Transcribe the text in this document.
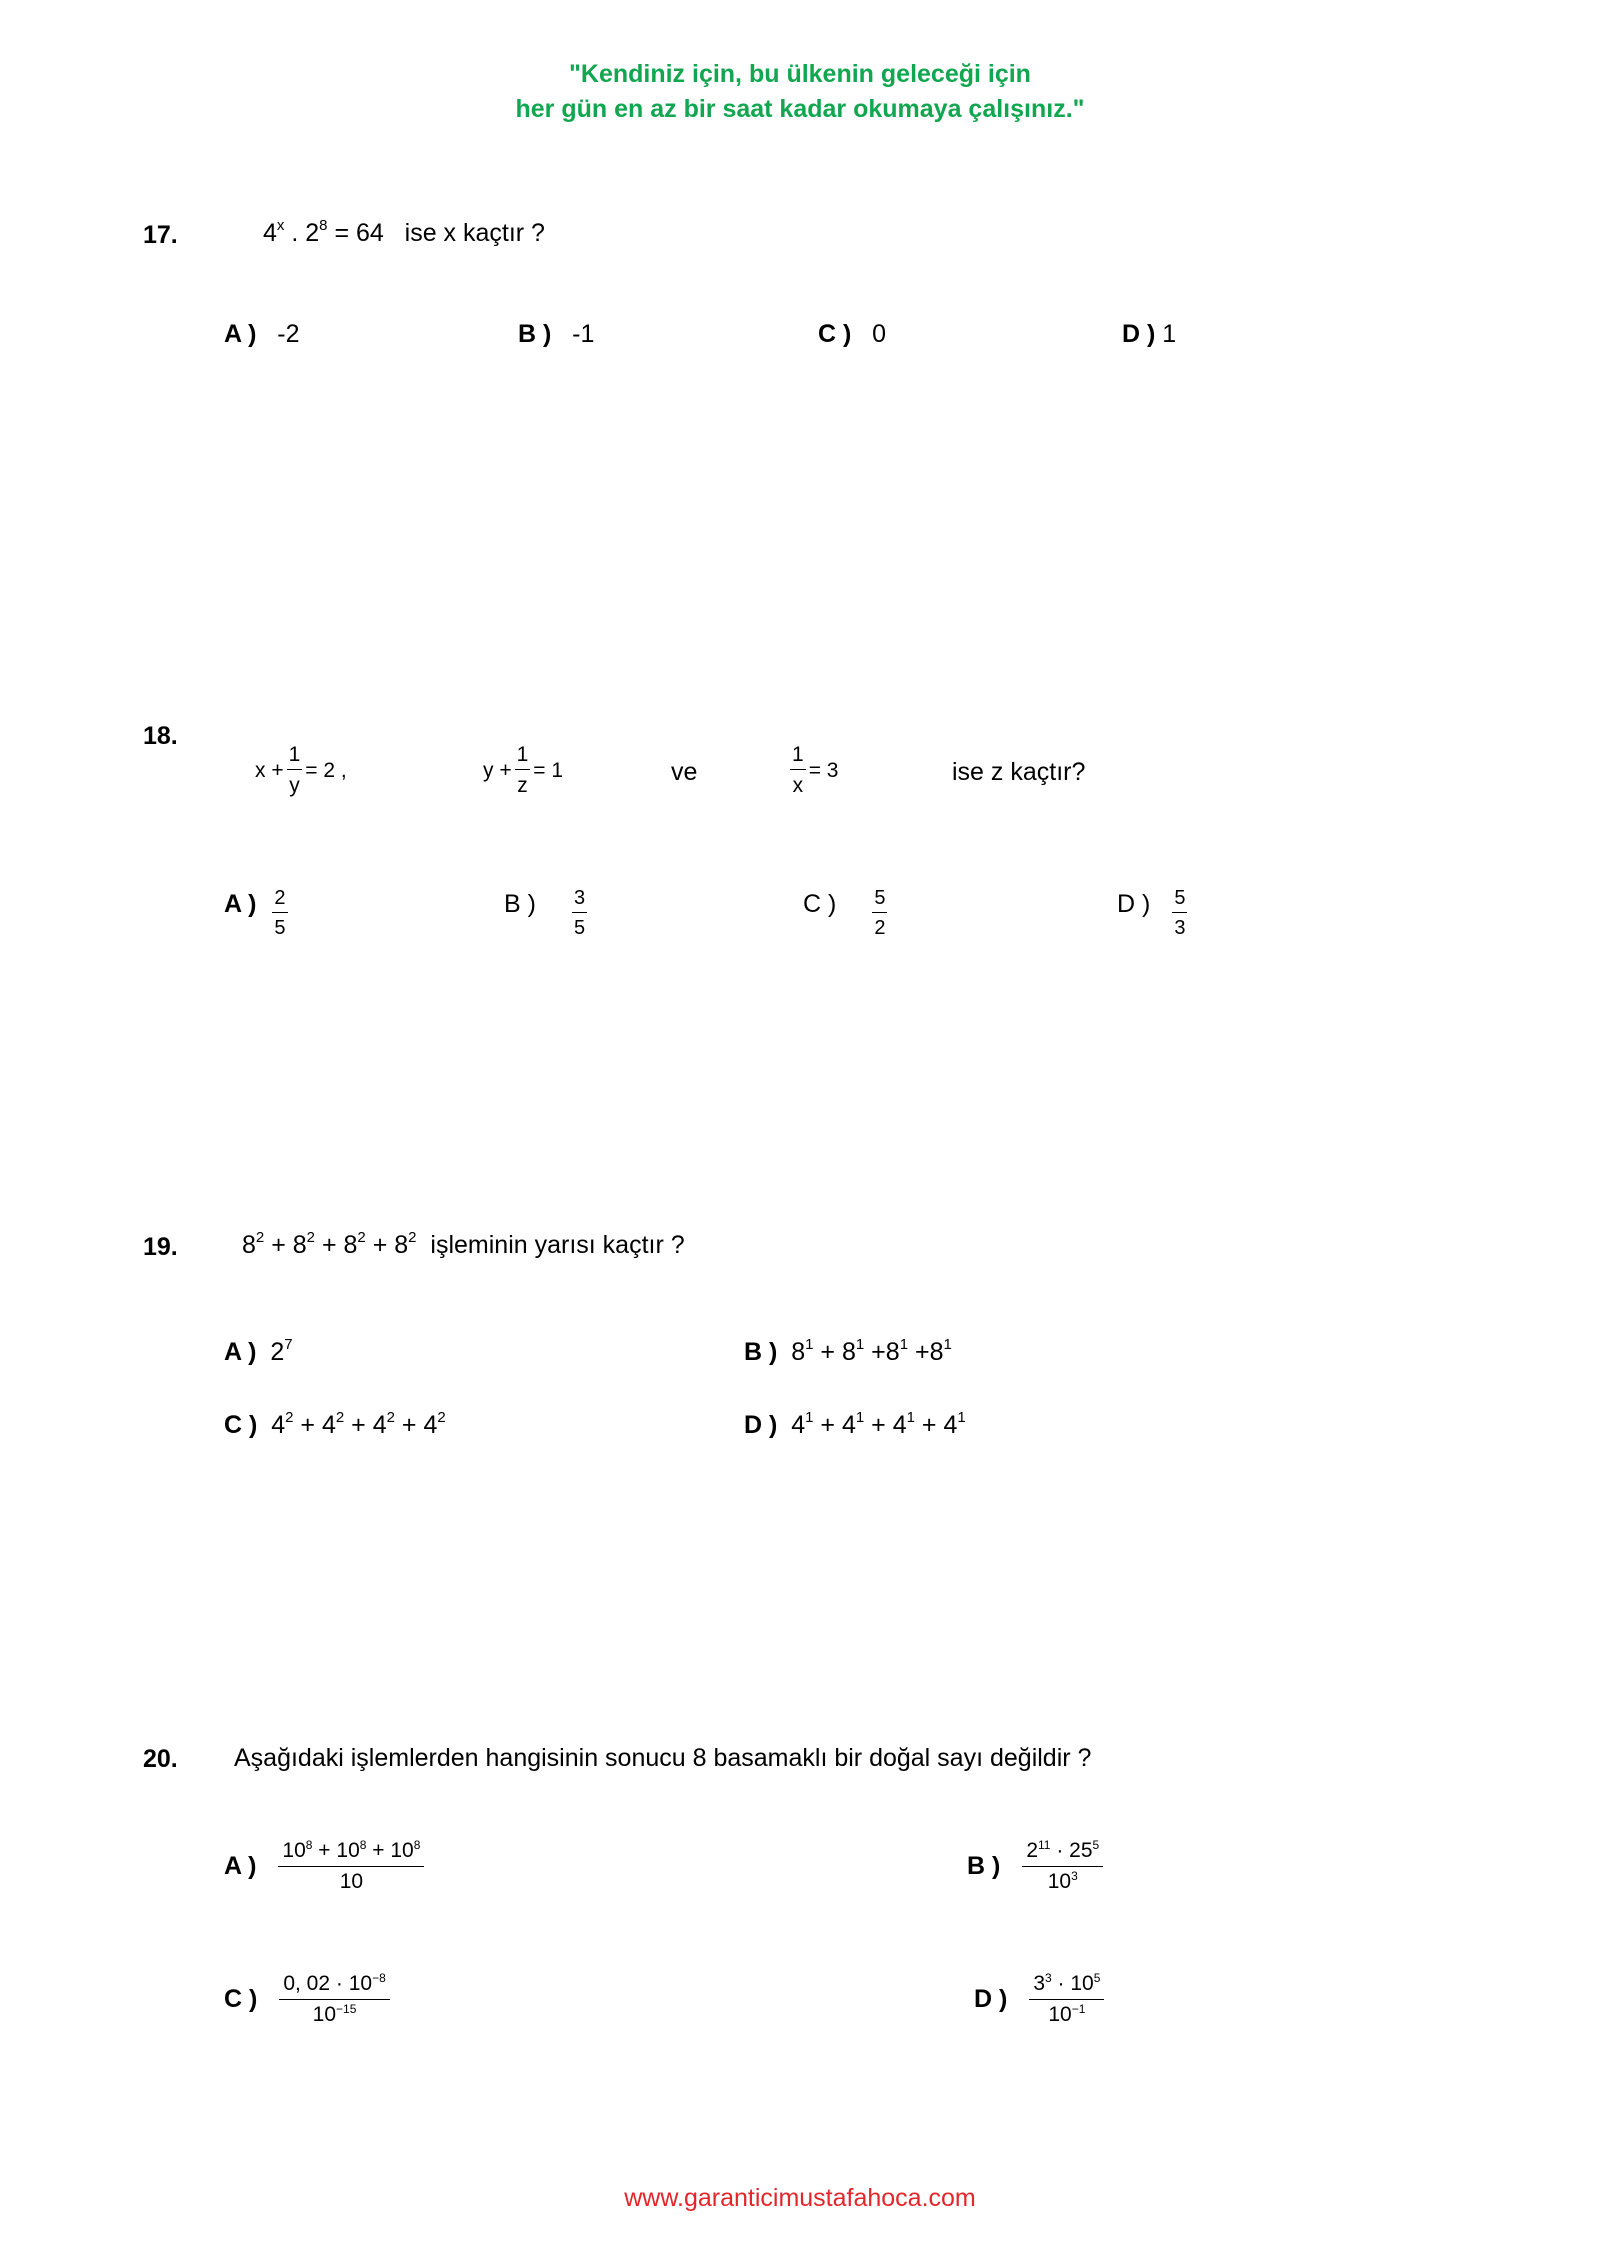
"Kendiniz için, bu ülkenin geleceği için
her gün en az bir saat kadar okumaya çalışınız."
17.	4$^x$ . $2^8 = 64$   ise x kaçtır ?
A ) -2	B ) -1	C ) 0	D ) 1
18.
$x + \frac{1}{y} = 2$ ,	$y + \frac{1}{z} = 1$	ve	$\frac{1}{x} = 3$	ise z kaçtır?
A ) $\frac{2}{5}$	B ) $\frac{3}{5}$	C ) $\frac{5}{2}$	D ) $\frac{5}{3}$
19.	$8^2 + 8^2 + 8^2 + 8^2$ işleminin yarısı kaçtır ?
A ) $2^7$	B ) $8^1 + 8^1 +8^1 +8^1$
C ) $4^2 + 4^2 + 4^2 + 4^2$	D ) $4^1 + 4^1 + 4^1 + 4^1$
20. Aşağıdaki işlemlerden hangisinin sonucu 8 basamaklı bir doğal sayı değildir ?
A ) $\frac{10^8 + 10^8 + 10^8}{10}$	B ) $\frac{2^{11} \cdot 25^5}{10^3}$
C ) $\frac{0, 02 \cdot 10^{-8}}{10^{-15}}$	D ) $\frac{3^3 \cdot 10^5}{10^{-1}}$
www.garanticimustafahoca.com
